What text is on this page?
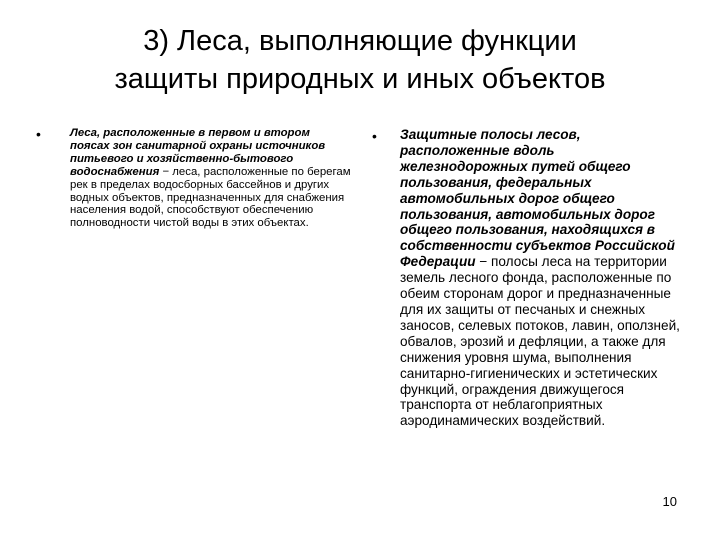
3) Леса, выполняющие функции
защиты природных и иных объектов
•	Леса, расположенные в первом и втором поясах зон санитарной охраны источников питьевого и хозяйственно-бытового водоснабжения − леса, расположенные по берегам рек в пределах водосборных бассейнов и других водных объектов, предназначенных для снабжения населения водой, способствуют обеспечению полноводности чистой воды в этих объектах.
• Защитные полосы лесов, расположенные вдоль железнодорожных путей общего пользования, федеральных автомобильных дорог общего пользования, автомобильных дорог общего пользования, находящихся в собственности субъектов Российской Федерации − полосы леса на территории земель лесного фонда, расположенные по обеим сторонам дорог и предназначенные для их защиты от песчаных и снежных заносов, селевых потоков, лавин, оползней, обвалов, эрозий и дефляции, а также для снижения уровня шума, выполнения санитарно-гигиенических и эстетических функций, ограждения движущегося транспорта от неблагоприятных аэродинамических воздействий.
10
